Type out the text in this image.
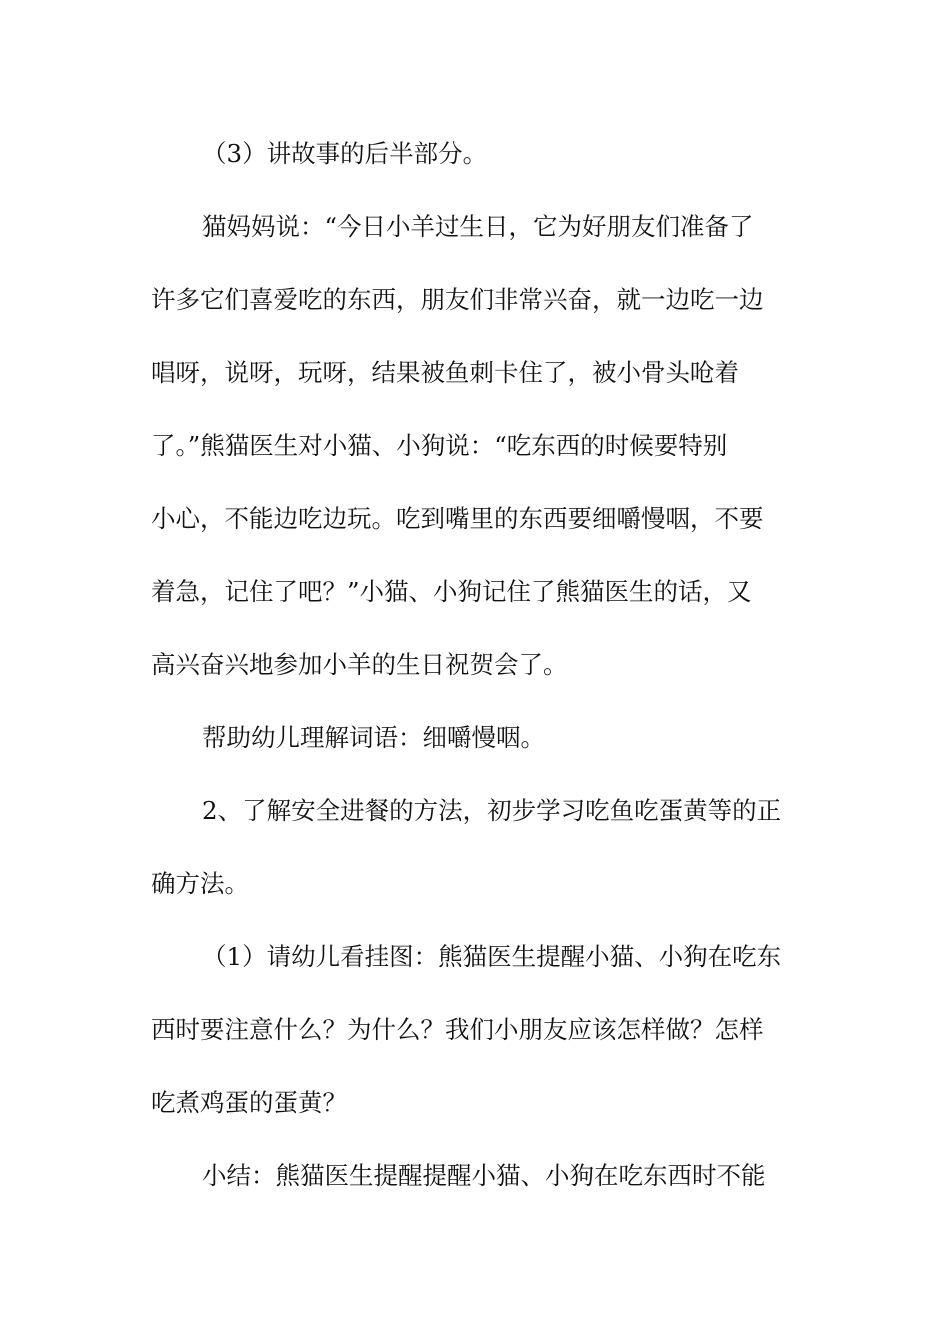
（3）讲故事的后半部分。
猫妈妈说：“今日小羊过生日，它为好朋友们准备了
许多它们喜爱吃的东西，朋友们非常兴奋，就一边吃一边
唱呀，说呀，玩呀，结果被鱼刺卡住了，被小骨头呛着
了。”熊猫医生对小猫、小狗说：“吃东西的时候要特别
小心，不能边吃边玩。吃到嘴里的东西要细嚼慢咽，不要
着急，记住了吧？”小猫、小狗记住了熊猫医生的话，又
高兴奋兴地参加小羊的生日祝贺会了。
帮助幼儿理解词语：细嚼慢咽。
2、了解安全进餐的方法，初步学习吃鱼吃蛋黄等的正
确方法。
（1）请幼儿看挂图：熊猫医生提醒小猫、小狗在吃东
西时要注意什么？为什么？我们小朋友应该怎样做？怎样
吃煮鸡蛋的蛋黄？
小结：熊猫医生提醒提醒小猫、小狗在吃东西时不能
